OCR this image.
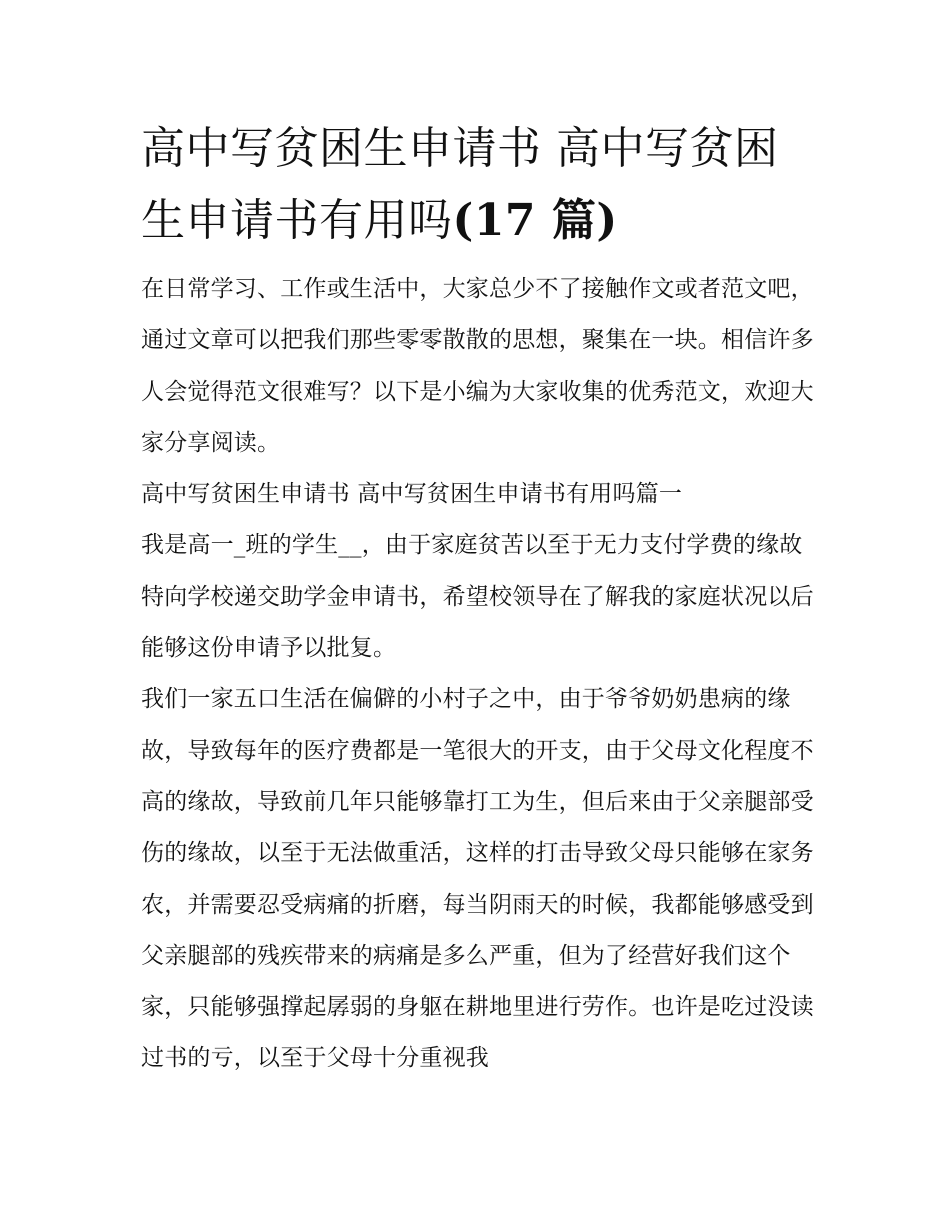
高中写贫困生申请书 高中写贫困生申请书有用吗(17 篇)

在日常学习、工作或生活中，大家总少不了接触作文或者范文吧，通过文章可以把我们那些零零散散的思想，聚集在一块。相信许多人会觉得范文很难写？以下是小编为大家收集的优秀范文，欢迎大家分享阅读。

高中写贫困生申请书 高中写贫困生申请书有用吗篇一

我是高一_班的学生__，由于家庭贫苦以至于无力支付学费的缘故特向学校递交助学金申请书，希望校领导在了解我的家庭状况以后能够这份申请予以批复。

我们一家五口生活在偏僻的小村子之中，由于爷爷奶奶患病的缘故，导致每年的医疗费都是一笔很大的开支，由于父母文化程度不高的缘故，导致前几年只能够靠打工为生，但后来由于父亲腿部受伤的缘故，以至于无法做重活，这样的打击导致父母只能够在家务农，并需要忍受病痛的折磨，每当阴雨天的时候，我都能够感受到父亲腿部的残疾带来的病痛是多么严重，但为了经营好我们这个家，只能够强撑起孱弱的身躯在耕地里进行劳作。也许是吃过没读过书的亏，以至于父母十分重视我
